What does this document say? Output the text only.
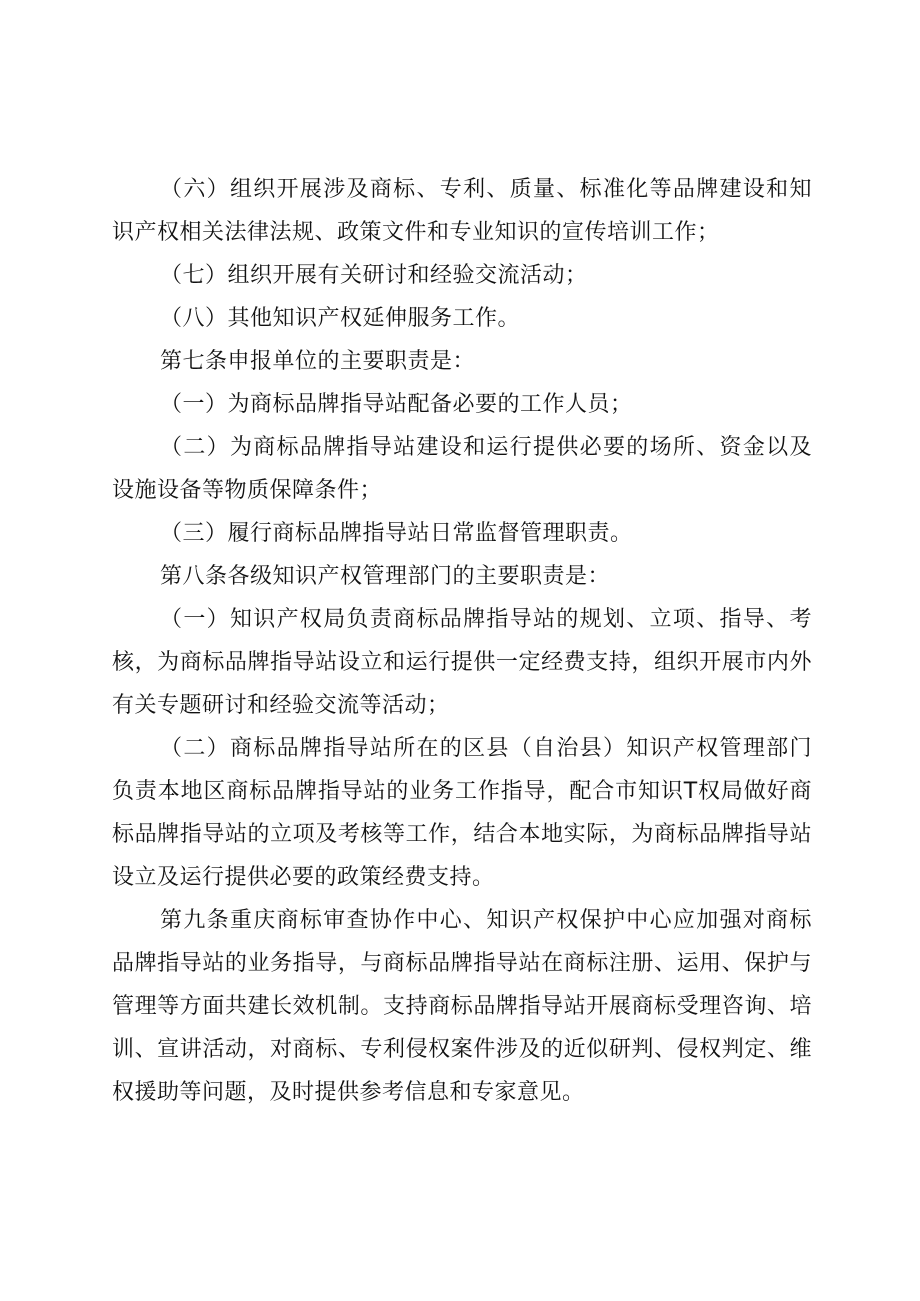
（六）组织开展涉及商标、专利、质量、标准化等品牌建设和知识产权相关法律法规、政策文件和专业知识的宣传培训工作；

（七）组织开展有关研讨和经验交流活动；

（八）其他知识产权延伸服务工作。

第七条申报单位的主要职责是：

（一）为商标品牌指导站配备必要的工作人员；

（二）为商标品牌指导站建设和运行提供必要的场所、资金以及设施设备等物质保障条件；

（三）履行商标品牌指导站日常监督管理职责。

第八条各级知识产权管理部门的主要职责是：

（一）知识产权局负责商标品牌指导站的规划、立项、指导、考核，为商标品牌指导站设立和运行提供一定经费支持，组织开展市内外有关专题研讨和经验交流等活动；

（二）商标品牌指导站所在的区县（自治县）知识产权管理部门负责本地区商标品牌指导站的业务工作指导，配合市知识T权局做好商标品牌指导站的立项及考核等工作，结合本地实际，为商标品牌指导站设立及运行提供必要的政策经费支持。

第九条重庆商标审查协作中心、知识产权保护中心应加强对商标品牌指导站的业务指导，与商标品牌指导站在商标注册、运用、保护与管理等方面共建长效机制。支持商标品牌指导站开展商标受理咨询、培训、宣讲活动，对商标、专利侵权案件涉及的近似研判、侵权判定、维权援助等问题，及时提供参考信息和专家意见。
